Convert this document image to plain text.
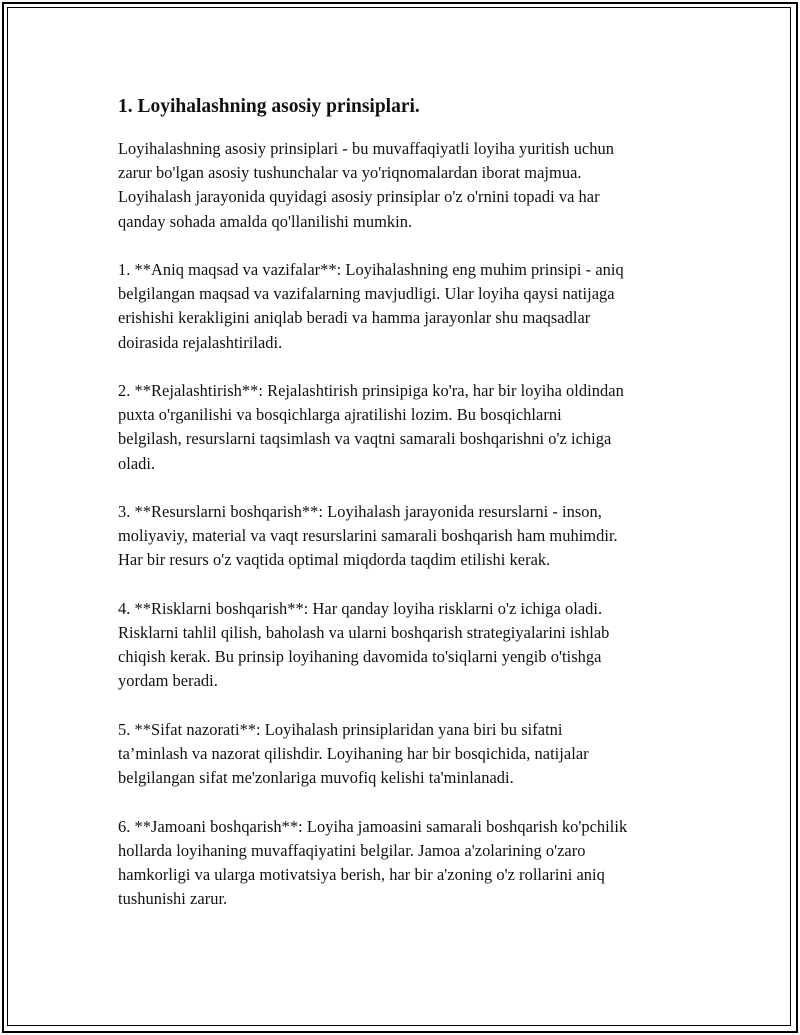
1. Loyihalashning asosiy prinsiplari.
Loyihalashning asosiy prinsiplari - bu muvaffaqiyatli loyiha yuritish uchun
zarur bo'lgan asosiy tushunchalar va yo'riqnomalardan iborat majmua.
Loyihalash jarayonida quyidagi asosiy prinsiplar o'z o'rnini topadi va har
qanday sohada amalda qo'llanilishi mumkin.
1. **Aniq maqsad va vazifalar**: Loyihalashning eng muhim prinsipi - aniq
belgilangan maqsad va vazifalarning mavjudligi. Ular loyiha qaysi natijaga
erishishi kerakligini aniqlab beradi va hamma jarayonlar shu maqsadlar
doirasida rejalashtiriladi.
2. **Rejalashtirish**: Rejalashtirish prinsipiga ko'ra, har bir loyiha oldindan
puxta o'rganilishi va bosqichlarga ajratilishi lozim. Bu bosqichlarni
belgilash, resurslarni taqsimlash va vaqtni samarali boshqarishni o'z ichiga
oladi.
3. **Resurslarni boshqarish**: Loyihalash jarayonida resurslarni - inson,
moliyaviy, material va vaqt resurslarini samarali boshqarish ham muhimdir.
Har bir resurs o'z vaqtida optimal miqdorda taqdim etilishi kerak.
4. **Risklarni boshqarish**: Har qanday loyiha risklarni o'z ichiga oladi.
Risklarni tahlil qilish, baholash va ularni boshqarish strategiyalarini ishlab
chiqish kerak. Bu prinsip loyihaning davomida to'siqlarni yengib o'tishga
yordam beradi.
5. **Sifat nazorati**: Loyihalash prinsiplaridan yana biri bu sifatni
ta’minlash va nazorat qilishdir. Loyihaning har bir bosqichida, natijalar
belgilangan sifat me'zonlariga muvofiq kelishi ta'minlanadi.
6. **Jamoani boshqarish**: Loyiha jamoasini samarali boshqarish ko'pchilik
hollarda loyihaning muvaffaqiyatini belgilar. Jamoa a'zolarining o'zaro
hamkorligi va ularga motivatsiya berish, har bir a'zoning o'z rollarini aniq
tushunishi zarur.
